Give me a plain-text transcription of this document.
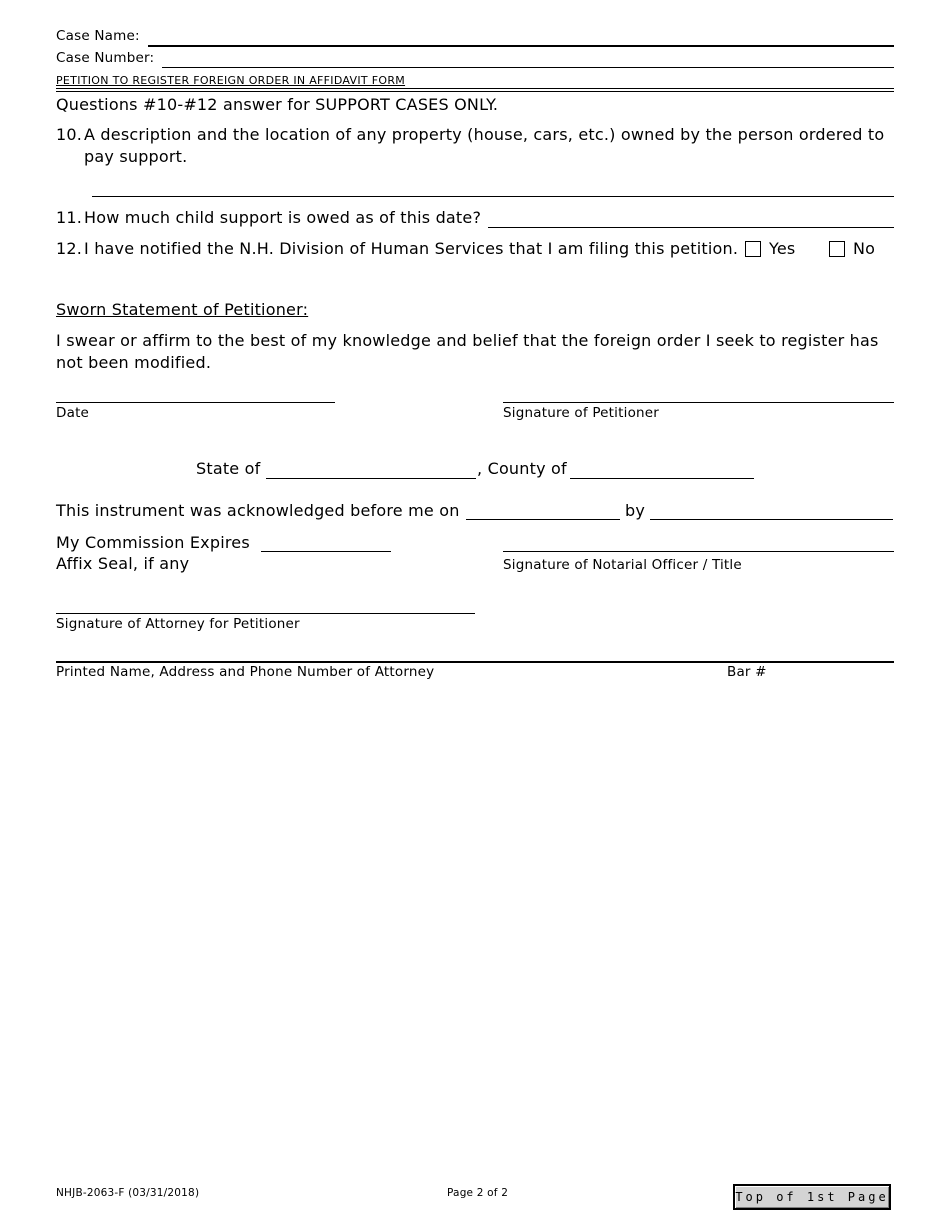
Case Name:
Case Number:
PETITION TO REGISTER FOREIGN ORDER IN AFFIDAVIT FORM
Questions #10-#12 answer for SUPPORT CASES ONLY.
10. A description and the location of any property (house, cars, etc.) owned by the person ordered to
pay support.
11. How much child support is owed as of this date?
12. I have notified the N.H. Division of Human Services that I am filing this petition. Yes	No
Sworn Statement of Petitioner:
I swear or affirm to the best of my knowledge and belief that the foreign order I seek to register has
not been modified.
Date	Signature of Petitioner
State of	, County of
This instrument was acknowledged before me on	by
My Commission Expires
Affix Seal, if any	Signature of Notarial Officer / Title
Signature of Attorney for Petitioner
Printed Name, Address and Phone Number of Attorney	Bar #
NHJB-2063-F (03/31/2018)	Page 2 of 2	Top of 1st Page
